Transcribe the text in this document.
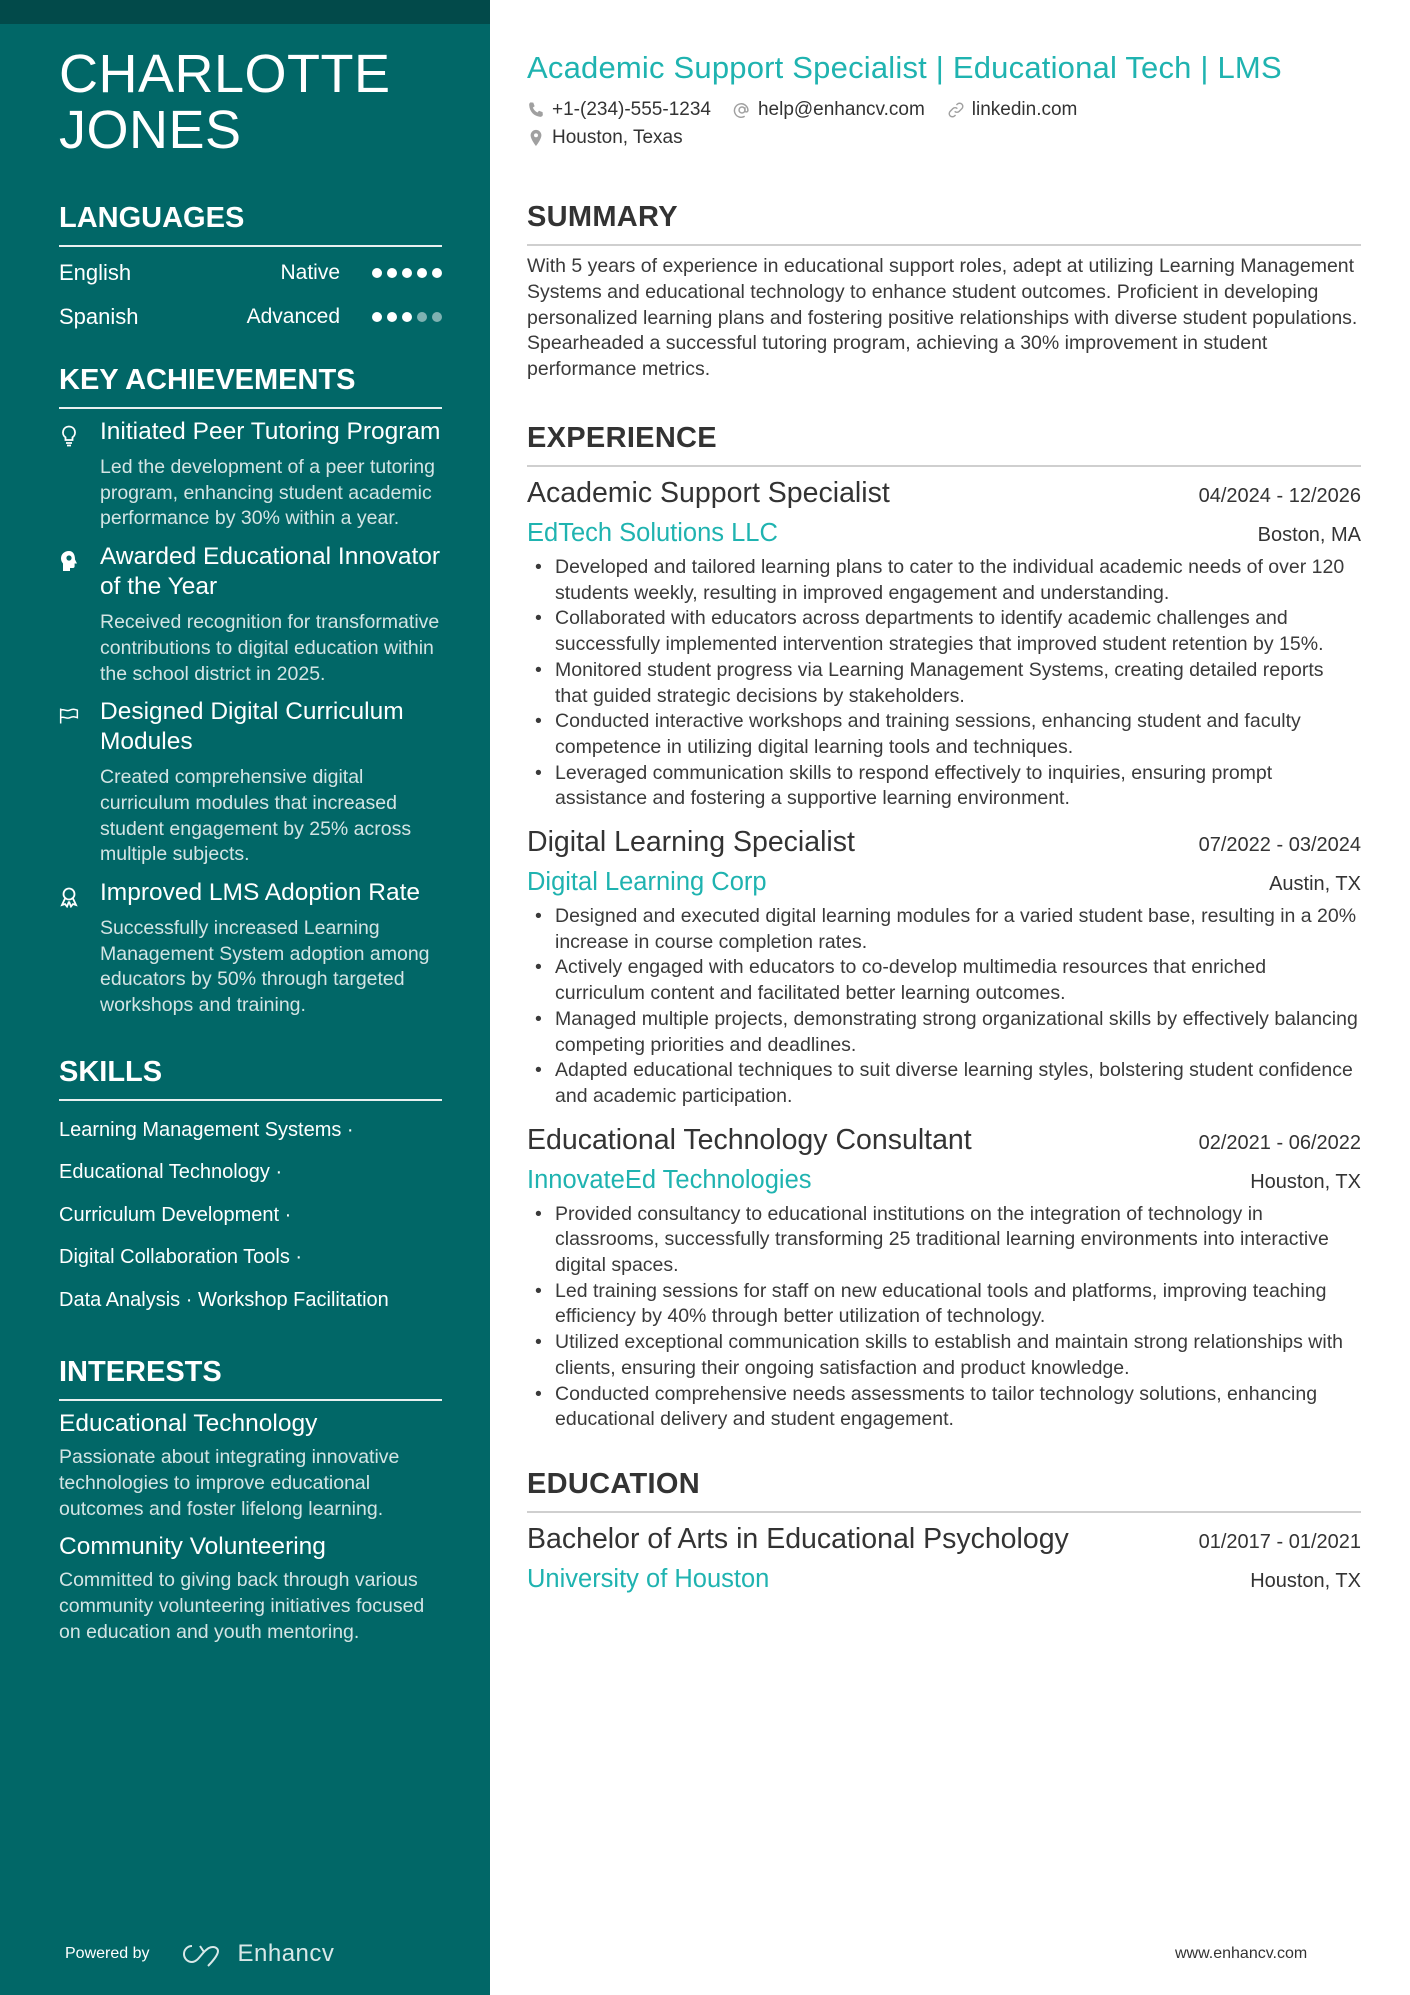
CHARLOTTE
JONES
LANGUAGES
English	Native
Spanish	Advanced
KEY ACHIEVEMENTS
Initiated Peer Tutoring Program
Led the development of a peer tutoring program, enhancing student academic performance by 30% within a year.
Awarded Educational Innovator of the Year
Received recognition for transformative contributions to digital education within the school district in 2025.
Designed Digital Curriculum Modules
Created comprehensive digital curriculum modules that increased student engagement by 25% across multiple subjects.
Improved LMS Adoption Rate
Successfully increased Learning Management System adoption among educators by 50% through targeted workshops and training.
SKILLS
Learning Management Systems ·
Educational Technology ·
Curriculum Development ·
Digital Collaboration Tools ·
Data Analysis · Workshop Facilitation
INTERESTS
Educational Technology
Passionate about integrating innovative technologies to improve educational outcomes and foster lifelong learning.
Community Volunteering
Committed to giving back through various community volunteering initiatives focused on education and youth mentoring.
Powered by	Enhancv
Academic Support Specialist | Educational Tech | LMS
+1-(234)-555-1234 help@enhancv.com linkedin.com
Houston, Texas
SUMMARY

With 5 years of experience in educational support roles, adept at utilizing Learning Management Systems and educational technology to enhance student outcomes. Proficient in developing personalized learning plans and fostering positive relationships with diverse student populations. Spearheaded a successful tutoring program, achieving a 30% improvement in student performance metrics.

EXPERIENCE
Academic Support Specialist	04/2024 - 12/2026
EdTech Solutions LLC	Boston, MA
• Developed and tailored learning plans to cater to the individual academic needs of over 120 students weekly, resulting in improved engagement and understanding.
• Collaborated with educators across departments to identify academic challenges and successfully implemented intervention strategies that improved student retention by 15%.
• Monitored student progress via Learning Management Systems, creating detailed reports that guided strategic decisions by stakeholders.
• Conducted interactive workshops and training sessions, enhancing student and faculty competence in utilizing digital learning tools and techniques.
• Leveraged communication skills to respond effectively to inquiries, ensuring prompt assistance and fostering a supportive learning environment.
Digital Learning Specialist	07/2022 - 03/2024
Digital Learning Corp	Austin, TX
• Designed and executed digital learning modules for a varied student base, resulting in a 20% increase in course completion rates.
• Actively engaged with educators to co-develop multimedia resources that enriched curriculum content and facilitated better learning outcomes.
• Managed multiple projects, demonstrating strong organizational skills by effectively balancing competing priorities and deadlines.
• Adapted educational techniques to suit diverse learning styles, bolstering student confidence and academic participation.
Educational Technology Consultant	02/2021 - 06/2022
InnovateEd Technologies	Houston, TX
• Provided consultancy to educational institutions on the integration of technology in classrooms, successfully transforming 25 traditional learning environments into interactive digital spaces.
• Led training sessions for staff on new educational tools and platforms, improving teaching efficiency by 40% through better utilization of technology.
• Utilized exceptional communication skills to establish and maintain strong relationships with clients, ensuring their ongoing satisfaction and product knowledge.
• Conducted comprehensive needs assessments to tailor technology solutions, enhancing educational delivery and student engagement.
EDUCATION
Bachelor of Arts in Educational Psychology	01/2017 - 01/2021
University of Houston	Houston, TX
www.enhancv.com
